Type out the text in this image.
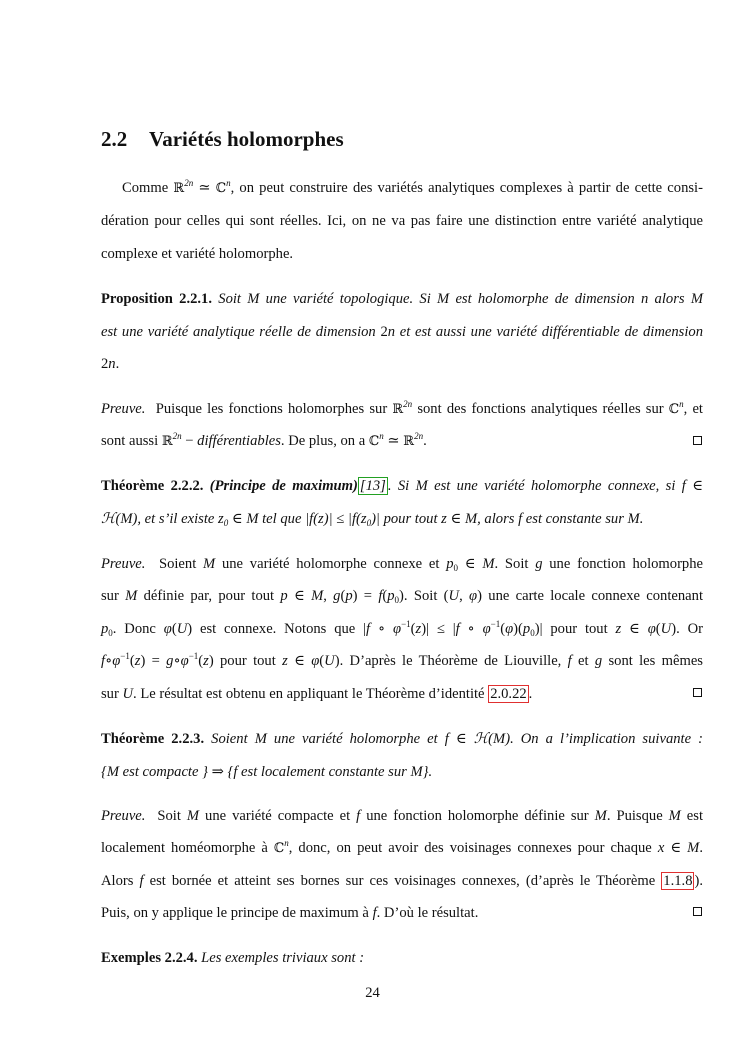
2.2 Variétés holomorphes
Comme ℝ$^{2n}$ ≃ ℂ$^n$, on peut construire des variétés analytiques complexes à partir de cette consi-
dération pour celles qui sont réelles. Ici, on ne va pas faire une distinction entre variété analytique
complexe et variété holomorphe.
Proposition 2.2.1. Soit M une variété topologique. Si M est holomorphe de dimension n alors M
est une variété analytique réelle de dimension 2n et est aussi une variété différentiable de dimension
2n.
Preuve. Puisque les fonctions holomorphes sur ℝ$^{2n}$ sont des fonctions analytiques réelles sur ℂ$^n$, et
sont aussi ℝ$^{2n}$ − différentiables. De plus, on a ℂ$^n$ ≃ ℝ$^{2n}$.
Théorème 2.2.2. (Principe de maximum) [13] . Si M est une variété holomorphe connexe, si f ∈
ℋ(M), et s’il existe $z_0$ ∈ M tel que $|f(z)| \le |f(z_0)|$ pour tout z ∈ M, alors f est constante sur M.
Preuve. Soient M une variété holomorphe connexe et $p_0$ ∈ M. Soit g une fonction holomorphe
sur M définie par, pour tout p ∈ M, $g(p) = f(p_0)$. Soit (U, φ) une carte locale connexe contenant
$p_0$. Donc φ(U) est connexe. Notons que |f ∘ $\varphi^{-1}(z)| \le |f$ ∘ $\varphi^{-1}(\varphi)(p_0)|$ pour tout z ∈ φ(U). Or
$f\circ\varphi^{-1}(z)$ = $g\circ\varphi^{-1}(z)$ pour tout z ∈ φ(U). D’après le Théorème de Liouville, f et g sont les mêmes
sur U. Le résultat est obtenu en appliquant le Théorème d’identité 2.0.22 .
Théorème 2.2.3. Soient M une variété holomorphe et f ∈ ℋ(M). On a l’implication suivante :
{M est compacte } ⇒ {f est localement constante sur M}.
Preuve. Soit M une variété compacte et f une fonction holomorphe définie sur M. Puisque M est
localement homéomorphe à ℂ$^n$, donc, on peut avoir des voisinages connexes pour chaque x ∈ M.
Alors f est bornée et atteint ses bornes sur ces voisinages connexes, (d’après le Théorème 1.1.8 ).
Puis, on y applique le principe de maximum à f. D’où le résultat.
Exemples 2.2.4. Les exemples triviaux sont :
24
